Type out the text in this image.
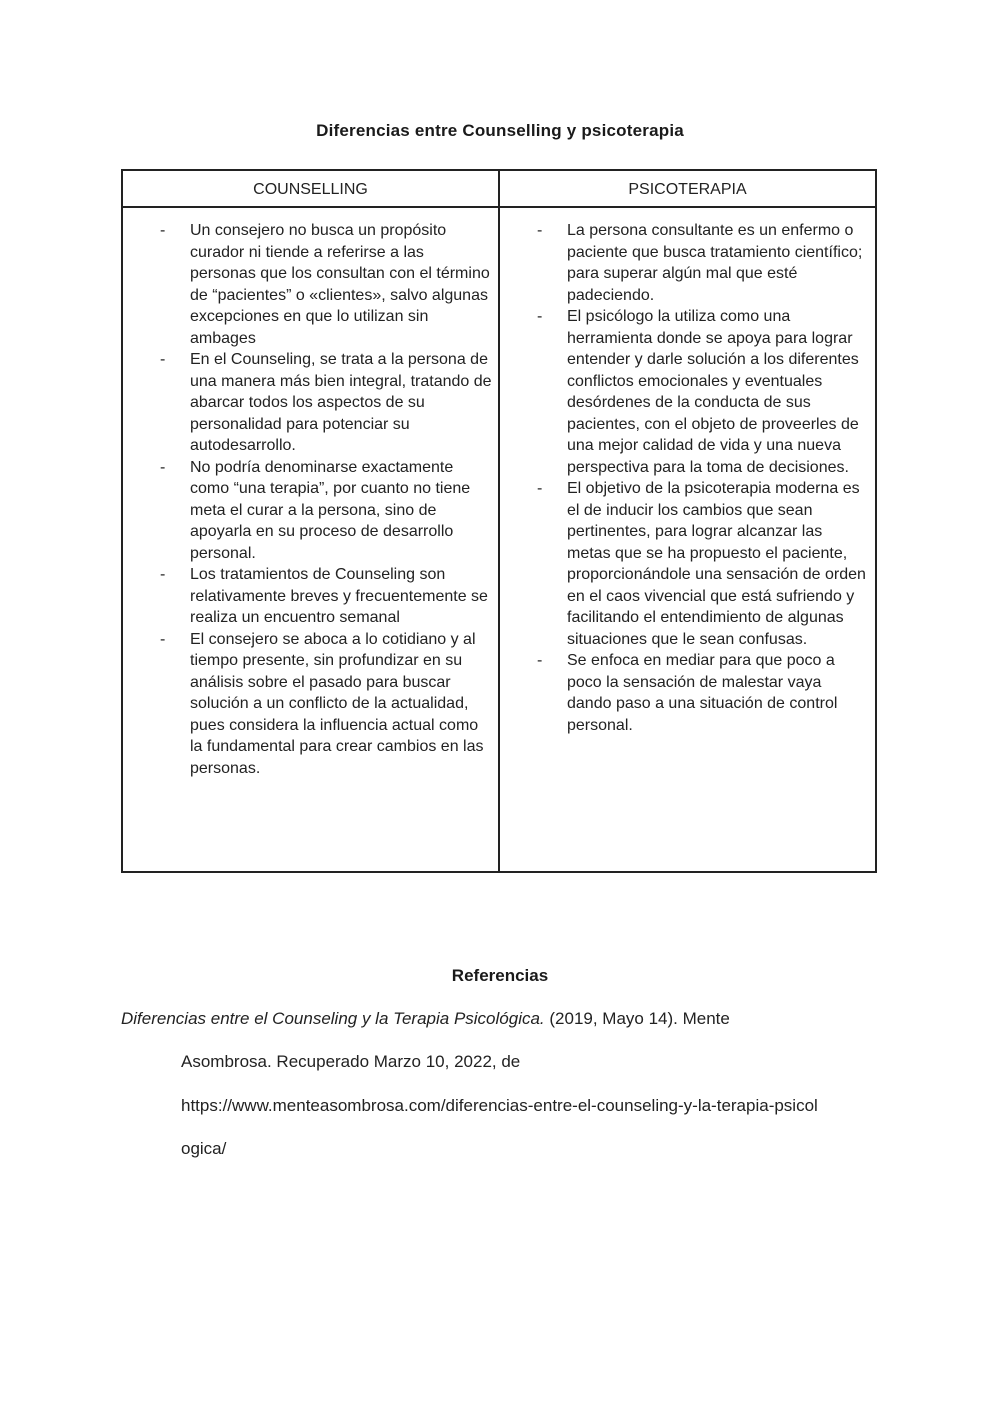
Diferencias entre Counselling y psicoterapia
COUNSELLING
- Un consejero no busca un propósito curador ni tiende a referirse a las personas que los consultan con el término de “pacientes” o «clientes», salvo algunas excepciones en que lo utilizan sin ambages
- En el Counseling, se trata a la persona de una manera más bien integral, tratando de abarcar todos los aspectos de su personalidad para potenciar su autodesarrollo.
- No podría denominarse exactamente como “una terapia”, por cuanto no tiene meta el curar a la persona, sino de apoyarla en su proceso de desarrollo personal.
- Los tratamientos de Counseling son relativamente breves y frecuentemente se realiza un encuentro semanal
- El consejero se aboca a lo cotidiano y al tiempo presente, sin profundizar en su análisis sobre el pasado para buscar solución a un conflicto de la actualidad, pues considera la influencia actual como la fundamental para crear cambios en las personas.
PSICOTERAPIA
- La persona consultante es un enfermo o paciente que busca tratamiento científico; para superar algún mal que esté padeciendo.
- El psicólogo la utiliza como una herramienta donde se apoya para lograr entender y darle solución a los diferentes conflictos emocionales y eventuales desórdenes de la conducta de sus pacientes, con el objeto de proveerles de una mejor calidad de vida y una nueva perspectiva para la toma de decisiones.
- El objetivo de la psicoterapia moderna es el de inducir los cambios que sean pertinentes, para lograr alcanzar las metas que se ha propuesto el paciente, proporcionándole una sensación de orden en el caos vivencial que está sufriendo y facilitando el entendimiento de algunas situaciones que le sean confusas.
- Se enfoca en mediar para que poco a poco la sensación de malestar vaya dando paso a una situación de control personal.
Referencias
Diferencias entre el Counseling y la Terapia Psicológica. (2019, Mayo 14). Mente
Asombrosa. Recuperado Marzo 10, 2022, de
https://www.menteasombrosa.com/diferencias-entre-el-counseling-y-la-terapia-psicol
ogica/
